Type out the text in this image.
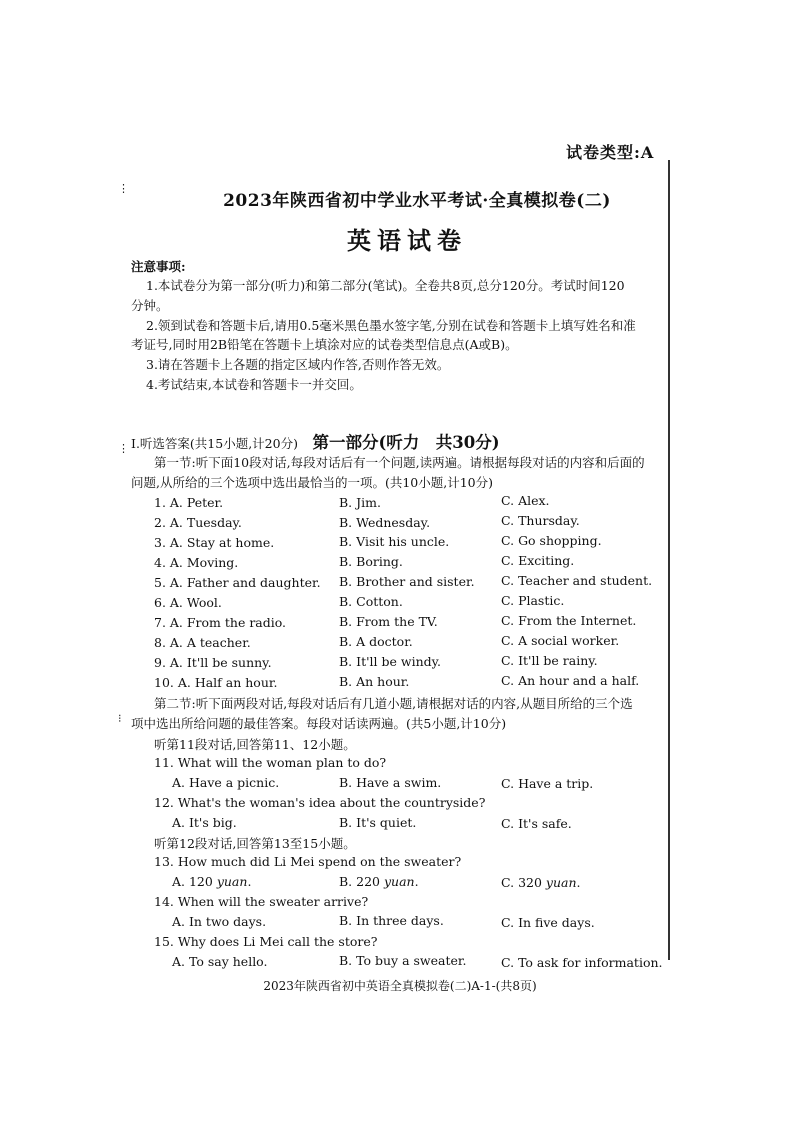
⋮
⋮
⁝
试卷类型:A
2023年陕西省初中学业水平考试·全真模拟卷(二)
英语试卷
注意事项:
1.本试卷分为第一部分(听力)和第二部分(笔试)。全卷共8页,总分120分。考试时间120
分钟。
2.领到试卷和答题卡后,请用0.5毫米黑色墨水签字笔,分别在试卷和答题卡上填写姓名和准
考证号,同时用2B铅笔在答题卡上填涂对应的试卷类型信息点(A或B)。
3.请在答题卡上各题的指定区域内作答,否则作答无效。
4.考试结束,本试卷和答题卡一并交回。
第一部分(听力　共30分)
Ⅰ.听选答案(共15小题,计20分)
第一节:听下面10段对话,每段对话后有一个问题,读两遍。请根据每段对话的内容和后面的
问题,从所给的三个选项中选出最恰当的一项。(共10小题,计10分)
1. A. Peter.	B. Jim.	C. Alex.
2. A. Tuesday.	B. Wednesday.	C. Thursday.
3. A. Stay at home.	B. Visit his uncle.	C. Go shopping.
4. A. Moving.	B. Boring.	C. Exciting.
5. A. Father and daughter. B. Brother and sister. C. Teacher and student.
6. A. Wool.	B. Cotton.	C. Plastic.
7. A. From the radio.	B. From the TV.	C. From the Internet.
8. A. A teacher.	B. A doctor.	C. A social worker.
9. A. It'll be sunny.	B. It'll be windy.	C. It'll be rainy.
10. A. Half an hour.	B. An hour.	C. An hour and a half.
第二节:听下面两段对话,每段对话后有几道小题,请根据对话的内容,从题目所给的三个选
项中选出所给问题的最佳答案。每段对话读两遍。(共5小题,计10分)
听第11段对话,回答第11、12小题。
11. What will the woman plan to do?
A. Have a picnic.	B. Have a swim.	C. Have a trip.
12. What's the woman's idea about the countryside?
A. It's big.	B. It's quiet.	C. It's safe.
听第12段对话,回答第13至15小题。
13. How much did Li Mei spend on the sweater?
A. 120 yuan.	B. 220 yuan.	C. 320 yuan.
14. When will the sweater arrive?
A. In two days.	B. In three days.	C. In five days.
15. Why does Li Mei call the store?
A. To say hello.	B. To buy a sweater.	C. To ask for information.
2023年陕西省初中英语全真模拟卷(二)A-1-(共8页)
